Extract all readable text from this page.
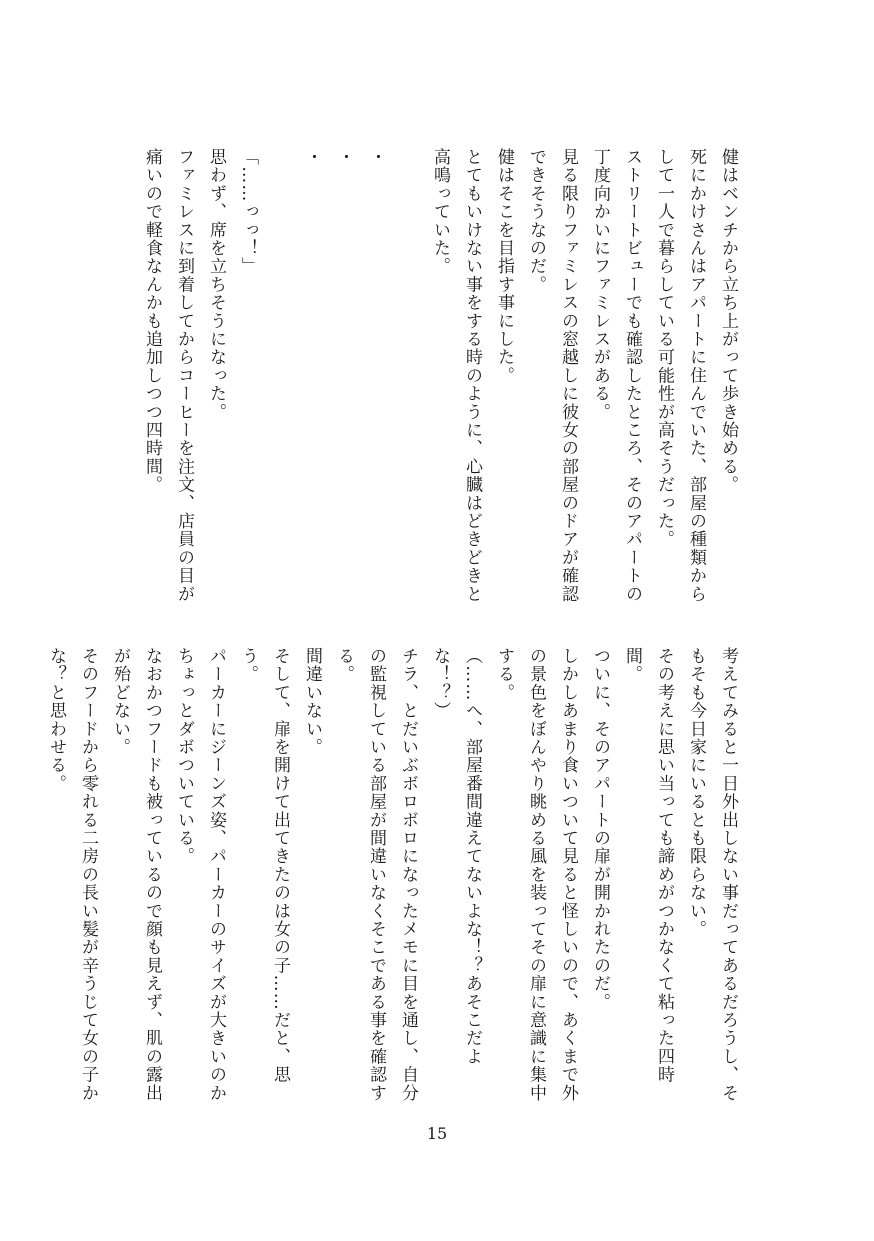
健はベンチから立ち上がって歩き始める。
死にかけさんはアパートに住んでいた、部屋の種類から
して一人で暮らしている可能性が高そうだった。
ストリートビューでも確認したところ、そのアパートの
丁度向かいにファミレスがある。
見る限りファミレスの窓越しに彼女の部屋のドアが確認
できそうなのだ。
健はそこを目指す事にした。
とてもいけない事をする時のように、心臓はどきどきと
高鳴っていた。

・
・
・

「……っっ！」
思わず、席を立ちそうになった。
ファミレスに到着してからコーヒーを注文、店員の目が
痛いので軽食なんかも追加しつつ四時間。
考えてみると一日外出しない事だってあるだろうし、そ
もそも今日家にいるとも限らない。
その考えに思い当っても諦めがつかなくて粘った四時
間。
ついに、そのアパートの扉が開かれたのだ。
しかしあまり食いついて見ると怪しいので、あくまで外
の景色をぼんやり眺める風を装ってその扉に意識に集中
する。
（……へ、部屋番間違えてないよな！？あそこだよ
な！？）
チラ、とだいぶボロボロになったメモに目を通し、自分
の監視している部屋が間違いなくそこである事を確認す
る。
間違いない。
そして、扉を開けて出てきたのは女の子……だと、思
う。
パーカーにジーンズ姿、パーカーのサイズが大きいのか
ちょっとダボついている。
なおかつフードも被っているので顔も見えず、肌の露出
が殆どない。
そのフードから零れる二房の長い髪が辛うじて女の子か
な？と思わせる。
15
